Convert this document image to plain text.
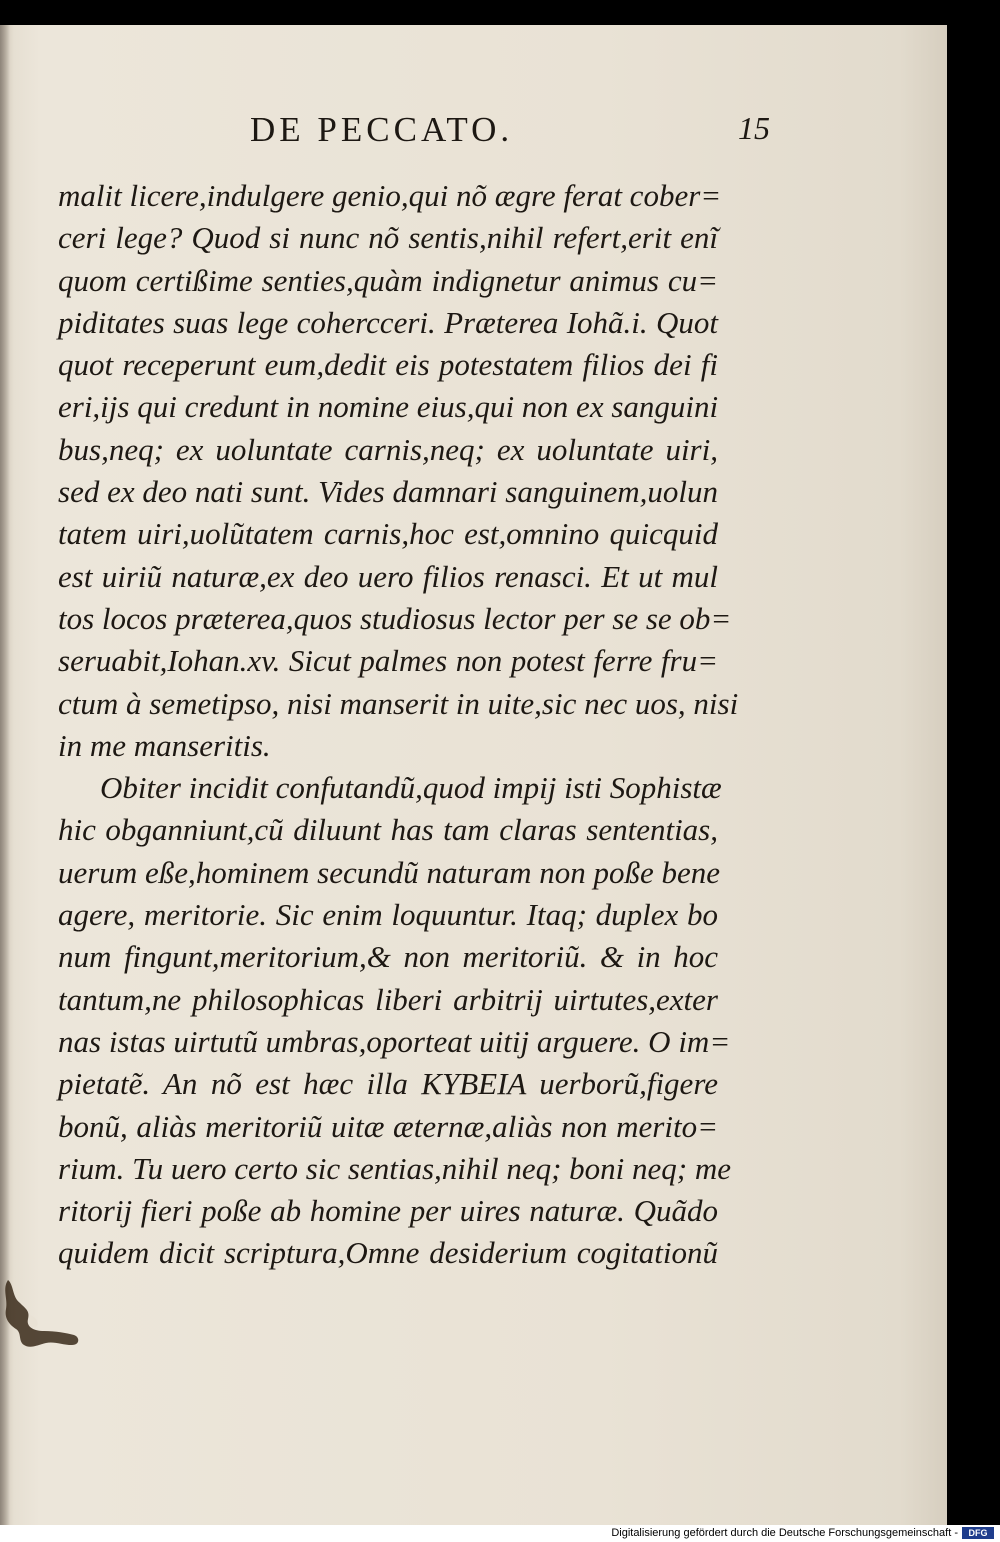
DE PECCATO.	15
malit licere,indulgere genio,qui nõ ægre ferat cober=
ceri lege? Quod si nunc nõ sentis,nihil refert,erit enĩ
quom certißime senties,quàm indignetur animus cu=
piditates suas lege cohercceri. Præterea Iohã.i. Quot
quot receperunt eum,dedit eis potestatem filios dei fi
eri,ijs qui credunt in nomine eius,qui non ex sanguini
bus,neq; ex uoluntate carnis,neq; ex uoluntate uiri,
sed ex deo nati sunt. Vides damnari sanguinem,uolun
tatem uiri,uolũtatem carnis,hoc est,omnino quicquid
est uiriũ naturæ,ex deo uero filios renasci. Et ut mul
tos locos præterea,quos studiosus lector per se se ob=
seruabit,Iohan.xv. Sicut palmes non potest ferre fru=
ctum à semetipso, nisi manserit in uite,sic nec uos, nisi
in me manseritis.
Obiter incidit confutandũ,quod impij isti Sophistæ
hic obganniunt,cũ diluunt has tam claras sententias,
uerum eße,hominem secundũ naturam non poße bene
agere, meritorie. Sic enim loquuntur. Itaq; duplex bo
num fingunt,meritorium,& non meritoriũ. & in hoc
tantum,ne philosophicas liberi arbitrij uirtutes,exter
nas istas uirtutũ umbras,oporteat uitij arguere. O im=
pietatẽ. An nõ est hæc illa ΚΥΒΕΙΑ uerborũ,figere
bonũ, aliàs meritoriũ uitæ æternæ,aliàs non merito=
rium. Tu uero certo sic sentias,nihil neq; boni neq; me
ritorij fieri poße ab homine per uires naturæ. Quãdo
quidem dicit scriptura,Omne desiderium cogitationũ
Digitalisierung gefördert durch die Deutsche Forschungsgemeinschaft -	DFG
